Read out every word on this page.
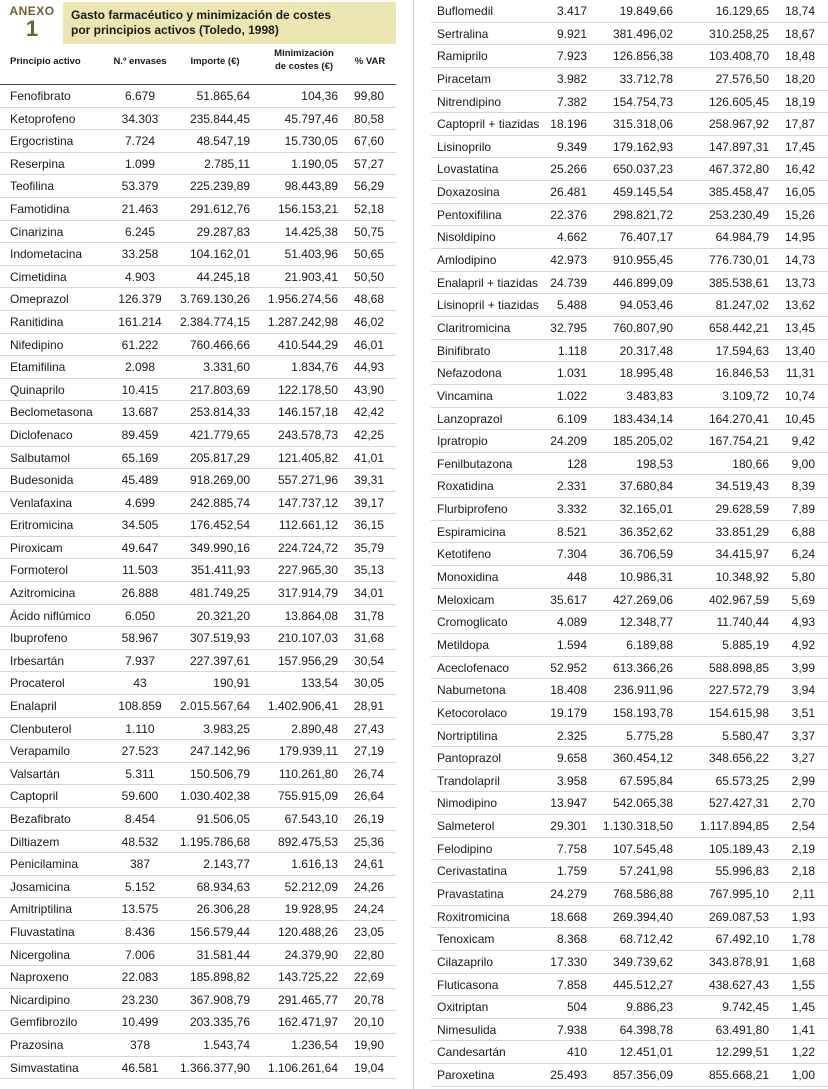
ANEXO
1
Gasto farmacéutico y minimización de costes
por principios activos (Toledo, 1998)
Principio activo	N.º envases	Importe (€)
Minimización de costes (€)	% VAR
Fenofibrato	6.679	51.865,64	104,36	99,80
Ketoprofeno	34.303	235.844,45	45.797,46	80,58
Ergocristina	7.724	48.547,19	15.730,05	67,60
Reserpina	1.099	2.785,11	1.190,05	57,27
Teofilina	53.379	225.239,89	98.443,89	56,29
Famotidina	21.463	291.612,76	156.153,21	52,18
Cinarizina	6.245	29.287,83	14.425,38	50,75
Indometacina	33.258	104.162,01	51.403,96	50,65
Cimetidina	4.903	44.245,18	21.903,41	50,50
Omeprazol	126.379	3.769.130,26	1.956.274,56	48,68
Ranitidina	161.214	2.384.774,15	1.287.242,98	46,02
Nifedipino	61.222	760.466,66	410.544,29	46,01
Etamifilina	2.098	3.331,60	1.834,76	44,93
Quinaprilo	10.415	217.803,69	122.178,50	43,90
Beclometasona	13.687	253.814,33	146.157,18	42,42
Diclofenaco	89.459	421.779,65	243.578,73	42,25
Salbutamol	65.169	205.817,29	121.405,82	41,01
Budesonida	45.489	918.269,00	557.271,96	39,31
Venlafaxina	4.699	242.885,74	147.737,12	39,17
Eritromicina	34.505	176.452,54	112.661,12	36,15
Piroxicam	49.647	349.990,16	224.724,72	35,79
Formoterol	11.503	351.411,93	227.965,30	35,13
Azitromicina	26.888	481.749,25	317.914,79	34,01
Ácido niflúmico	6.050	20.321,20	13.864,08	31,78
Ibuprofeno	58.967	307.519,93	210.107,03	31,68
Irbesartán	7.937	227.397,61	157.956,29	30,54
Procaterol	43	190,91	133,54	30,05
Enalapril	108.859	2.015.567,64	1.402.906,41	28,91
Clenbuterol	1.110	3.983,25	2.890,48	27,43
Verapamilo	27.523	247.142,96	179.939,11	27,19
Valsartán	5.311	150.506,79	110.261,80	26,74
Captopril	59.600	1.030.402,38	755.915,09	26,64
Bezafibrato	8.454	91.506,05	67.543,10	26,19
Diltiazem	48.532	1.195.786,68	892.475,53	25,36
Penicilamina	387	2.143,77	1.616,13	24,61
Josamicina	5.152	68.934,63	52.212,09	24,26
Amitriptilina	13.575	26.306,28	19.928,95	24,24
Fluvastatina	8.436	156.579,44	120.488,26	23,05
Nicergolina	7.006	31.581,44	24.379,90	22,80
Naproxeno	22.083	185.898,82	143.725,22	22,69
Nicardipino	23.230	367.908,79	291.465,77	20,78
Gemfibrozilo	10.499	203.335,76	162.471,97	20,10
Prazosina	378	1.543,74	1.236,54	19,90
Simvastatina	46.581	1.366.377,90	1.106.261,64	19,04
Buflomedil	3.417	19.849,66	16.129,65	18,74
Sertralina	9.921	381.496,02	310.258,25	18,67
Ramiprilo	7.923	126.856,38	103.408,70	18,48
Piracetam	3.982	33.712,78	27.576,50	18,20
Nitrendipino	7.382	154.754,73	126.605,45	18,19
Captopril + tiazidas 18.196	315.318,06	258.967,92	17,87
Lisinoprilo	9.349	179.162,93	147.897,31	17,45
Lovastatina	25.266	650.037,23	467.372,80	16,42
Doxazosina	26.481	459.145,54	385.458,47	16,05
Pentoxifilina	22.376	298.821,72	253.230,49	15,26
Nisoldipino	4.662	76.407,17	64.984,79	14,95
Amlodipino	42.973	910.955,45	776.730,01	14,73
Enalapril + tiazidas	24.739	446.899,09	385.538,61	13,73
Lisinopril + tiazidas	5.488	94.053,46	81.247,02	13,62
Claritromicina	32.795	760.807,90	658.442,21	13,45
Binifibrato	1.118	20.317,48	17.594,63	13,40
Nefazodona	1.031	18.995,48	16.846,53	11,31
Vincamina	1.022	3.483,83	3.109,72	10,74
Lanzoprazol	6.109	183.434,14	164.270,41	10,45
Ipratropio	24.209	185.205,02	167.754,21	9,42
Fenilbutazona	128	198,53	180,66	9,00
Roxatidina	2.331	37.680,84	34.519,43	8,39
Flurbiprofeno	3.332	32.165,01	29.628,59	7,89
Espiramicina	8.521	36.352,62	33.851,29	6,88
Ketotifeno	7.304	36.706,59	34.415,97	6,24
Monoxidina	448	10.986,31	10.348,92	5,80
Meloxicam	35.617	427.269,06	402.967,59	5,69
Cromoglicato	4.089	12.348,77	11.740,44	4,93
Metildopa	1.594	6.189,88	5.885,19	4,92
Aceclofenaco	52.952	613.366,26	588.898,85	3,99
Nabumetona	18.408	236.911,96	227.572,79	3,94
Ketocorolaco	19.179	158.193,78	154.615,98	3,51
Nortriptilina	2.325	5.775,28	5.580,47	3,37
Pantoprazol	9.658	360.454,12	348.656,22	3,27
Trandolapril	3.958	67.595,84	65.573,25	2,99
Nimodipino	13.947	542.065,38	527.427,31	2,70
Salmeterol	29.301	1.130.318,50	1.117.894,85	2,54
Felodipino	7.758	107.545,48	105.189,43	2,19
Cerivastatina	1.759	57.241,98	55.996,83	2,18
Pravastatina	24.279	768.586,88	767.995,10	2,11
Roxitromicina	18.668	269.394,40	269.087,53	1,93
Tenoxicam	8.368	68.712,42	67.492,10	1,78
Cilazaprilo	17.330	349.739,62	343.878,91	1,68
Fluticasona	7.858	445.512,27	438.627,43	1,55
Oxitriptan	504	9.886,23	9.742,45	1,45
Nimesulida	7.938	64.398,78	63.491,80	1,41
Candesartán	410	12.451,01	12.299,51	1,22
Paroxetina	25.493	857.356,09	855.668,21	1,00
